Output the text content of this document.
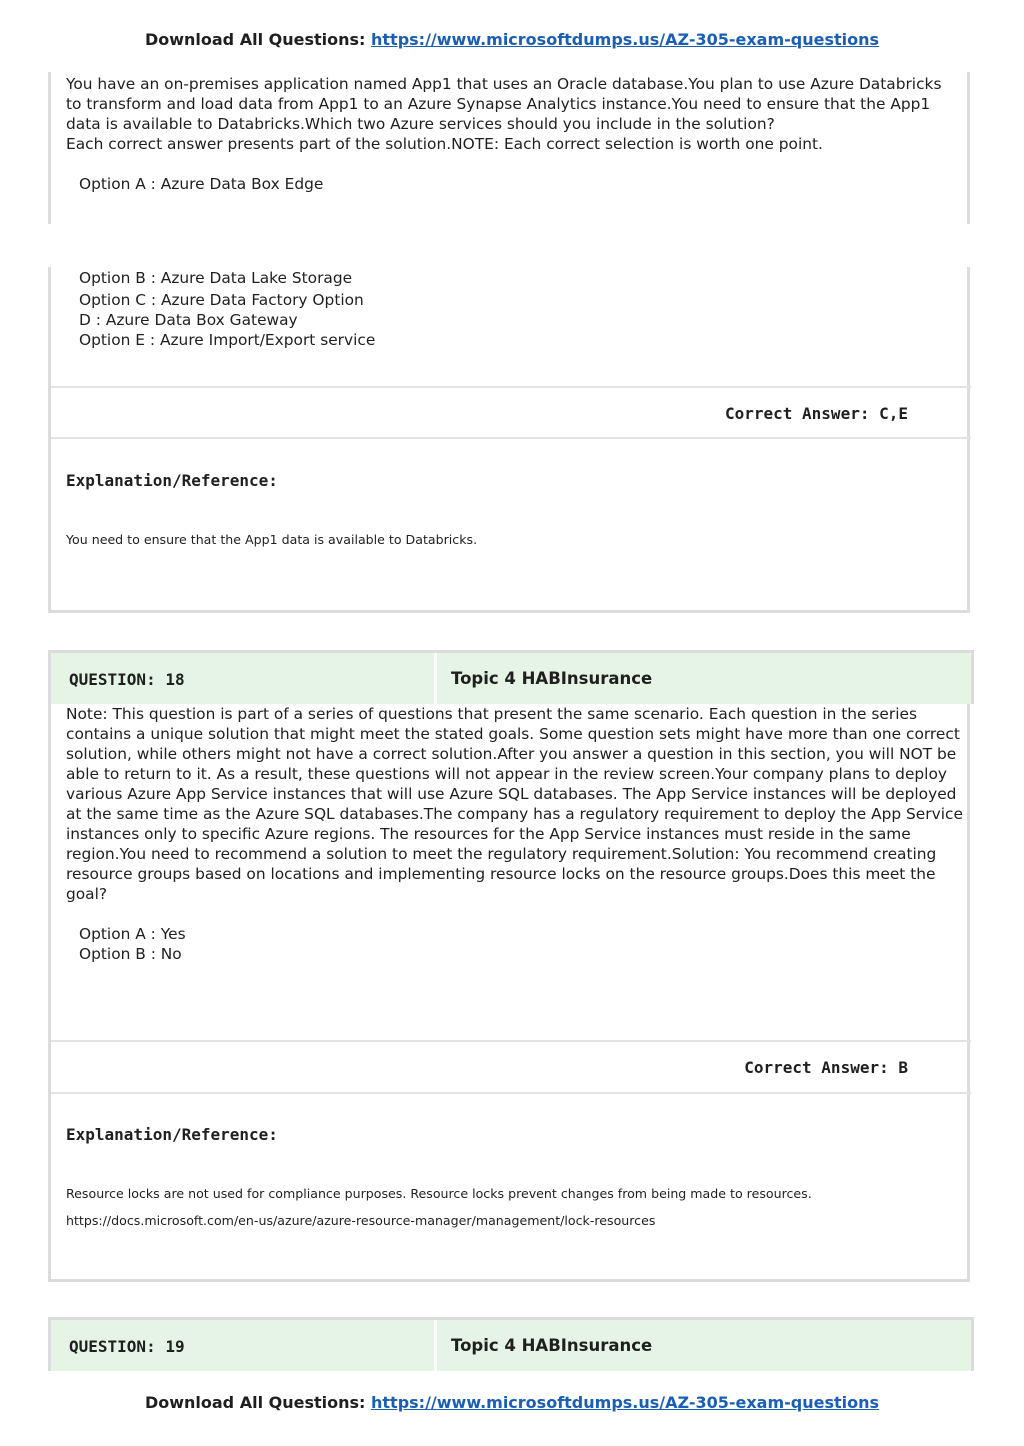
Download All Questions: https://www.microsoftdumps.us/AZ-305-exam-questions
You have an on-premises application named App1 that uses an Oracle database.You plan to use Azure Databricks
to transform and load data from App1 to an Azure Synapse Analytics instance.You need to ensure that the App1
data is available to Databricks.Which two Azure services should you include in the solution?
Each correct answer presents part of the solution.NOTE: Each correct selection is worth one point.
Option A : Azure Data Box Edge
Option B : Azure Data Lake Storage
Option C : Azure Data Factory Option
D : Azure Data Box Gateway
Option E : Azure Import/Export service
Correct Answer: C,E
Explanation/Reference:
You need to ensure that the App1 data is available to Databricks.
QUESTION: 18	Topic 4 HABInsurance
Note: This question is part of a series of questions that present the same scenario. Each question in the series
contains a unique solution that might meet the stated goals. Some question sets might have more than one correct
solution, while others might not have a correct solution.After you answer a question in this section, you will NOT be
able to return to it. As a result, these questions will not appear in the review screen.Your company plans to deploy
various Azure App Service instances that will use Azure SQL databases. The App Service instances will be deployed
at the same time as the Azure SQL databases.The company has a regulatory requirement to deploy the App Service
instances only to specific Azure regions. The resources for the App Service instances must reside in the same
region.You need to recommend a solution to meet the regulatory requirement.Solution: You recommend creating
resource groups based on locations and implementing resource locks on the resource groups.Does this meet the
goal?
Option A : Yes
Option B : No
Correct Answer: B
Explanation/Reference:
Resource locks are not used for compliance purposes. Resource locks prevent changes from being made to resources.
https://docs.microsoft.com/en-us/azure/azure-resource-manager/management/lock-resources
QUESTION: 19	Topic 4 HABInsurance
Download All Questions: https://www.microsoftdumps.us/AZ-305-exam-questions
